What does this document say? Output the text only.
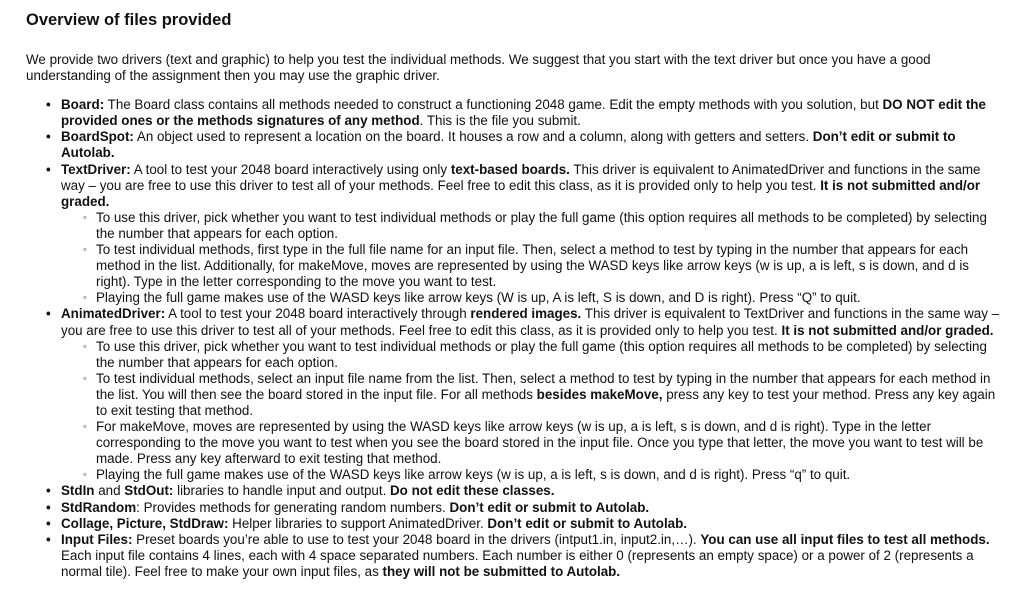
Overview of files provided

We provide two drivers (text and graphic) to help you test the individual methods. We suggest that you start with the text driver but once you have a good understanding of the assignment then you may use the graphic driver.

• Board: The Board class contains all methods needed to construct a functioning 2048 game. Edit the empty methods with you solution, but DO NOT edit the provided ones or the methods signatures of any method. This is the file you submit.
• BoardSpot: An object used to represent a location on the board. It houses a row and a column, along with getters and setters. Don’t edit or submit to Autolab.
• TextDriver: A tool to test your 2048 board interactively using only text-based boards. This driver is equivalent to AnimatedDriver and functions in the same way – you are free to use this driver to test all of your methods. Feel free to edit this class, as it is provided only to help you test. It is not submitted and/or graded.
◦ To use this driver, pick whether you want to test individual methods or play the full game (this option requires all methods to be completed) by selecting the number that appears for each option.
◦ To test individual methods, first type in the full file name for an input file. Then, select a method to test by typing in the number that appears for each method in the list. Additionally, for makeMove, moves are represented by using the WASD keys like arrow keys (w is up, a is left, s is down, and d is right). Type in the letter corresponding to the move you want to test.
◦ Playing the full game makes use of the WASD keys like arrow keys (W is up, A is left, S is down, and D is right). Press “Q” to quit.
• AnimatedDriver: A tool to test your 2048 board interactively through rendered images. This driver is equivalent to TextDriver and functions in the same way – you are free to use this driver to test all of your methods. Feel free to edit this class, as it is provided only to help you test. It is not submitted and/or graded.
◦ To use this driver, pick whether you want to test individual methods or play the full game (this option requires all methods to be completed) by selecting the number that appears for each option.
◦ To test individual methods, select an input file name from the list. Then, select a method to test by typing in the number that appears for each method in the list. You will then see the board stored in the input file. For all methods besides makeMove, press any key to test your method. Press any key again to exit testing that method.
◦ For makeMove, moves are represented by using the WASD keys like arrow keys (w is up, a is left, s is down, and d is right). Type in the letter corresponding to the move you want to test when you see the board stored in the input file. Once you type that letter, the move you want to test will be made. Press any key afterward to exit testing that method.
◦ Playing the full game makes use of the WASD keys like arrow keys (w is up, a is left, s is down, and d is right). Press “q” to quit.
• StdIn and StdOut: libraries to handle input and output. Do not edit these classes.
• StdRandom: Provides methods for generating random numbers. Don’t edit or submit to Autolab.
• Collage, Picture, StdDraw: Helper libraries to support AnimatedDriver. Don’t edit or submit to Autolab.
• Input Files: Preset boards you’re able to use to test your 2048 board in the drivers (intput1.in, input2.in,…). You can use all input files to test all methods. Each input file contains 4 lines, each with 4 space separated numbers. Each number is either 0 (represents an empty space) or a power of 2 (represents a normal tile). Feel free to make your own input files, as they will not be submitted to Autolab.
